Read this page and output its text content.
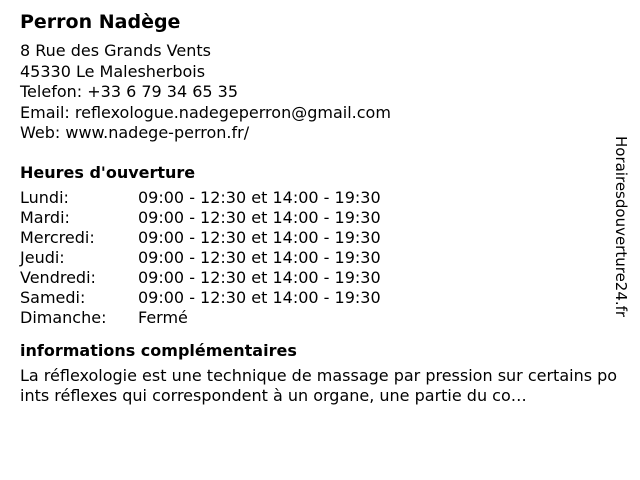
Perron Nadège
8 Rue des Grands Vents
45330 Le Malesherbois
Telefon: +33 6 79 34 65 35
Email: reflexologue.nadegeperron@gmail.com
Web: www.nadege-perron.fr/
Heures d'ouverture
Lundi:	09:00 - 12:30 et 14:00 - 19:30
Mardi:	09:00 - 12:30 et 14:00 - 19:30
Mercredi:	09:00 - 12:30 et 14:00 - 19:30
Jeudi:	09:00 - 12:30 et 14:00 - 19:30
Vendredi:	09:00 - 12:30 et 14:00 - 19:30
Samedi:	09:00 - 12:30 et 14:00 - 19:30
Dimanche:	Fermé
informations complémentaires
La réflexologie est une technique de massage par pression sur certains points réflexes qui correspondent à un organe, une partie du co…
Horairesdouverture24.fr
